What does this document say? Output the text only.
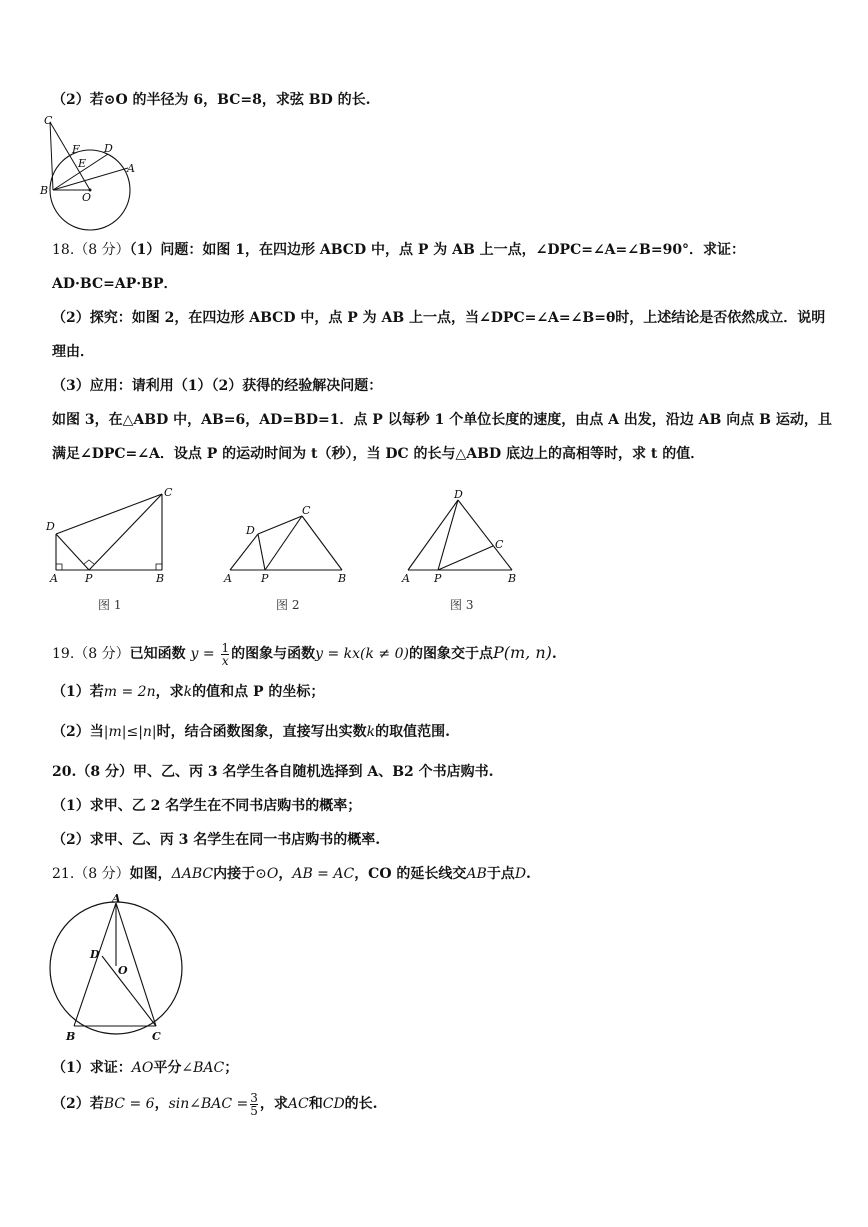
（2）若⊙O 的半径为 6，BC=8，求弦 BD 的长.
C
F D
E	A
B
O
18.（8 分）（1）问题：如图 1，在四边形 ABCD 中，点 P 为 AB 上一点，∠DPC=∠A=∠B=90°．求证：
AD·BC=AP·BP．
（2）探究：如图 2，在四边形 ABCD 中，点 P 为 AB 上一点，当∠DPC=∠A=∠B=θ时，上述结论是否依然成立．说明
理由．
（3）应用：请利用（1）（2）获得的经验解决问题：
如图 3，在△ABD 中，AB=6，AD=BD=1．点 P 以每秒 1 个单位长度的速度，由点 A 出发，沿边 AB 向点 B 运动，且
满足∠DPC=∠A．设点 P 的运动时间为 t（秒），当 DC 的长与△ABD 底边上的高相等时，求 t 的值．
D
C
A P	B
图 1
D
C
A	P	B
图 2
D
C
A P	B
图 3
19.（8 分）已知函数 $y = \frac{1}{x}$ 的图象与函数y = kx(k ≠ 0)的图象交于点P(m, n).
（1）若m = 2n，求k的值和点 P 的坐标；
（2）当|m|≤|n|时，结合函数图象，直接写出实数k的取值范围.
20.（8 分）甲、乙、丙 3 名学生各自随机选择到 A、B2 个书店购书.
（1）求甲、乙 2 名学生在不同书店购书的概率；
（2）求甲、乙、丙 3 名学生在同一书店购书的概率.
21.（8 分）如图，ΔABC内接于⊙O，AB = AC，CO 的延长线交AB于点D.
A
D
O
B	C
（1）求证：AO平分∠BAC；
（2）若BC = 6，sin∠BAC = $\frac{3}{5}$ ，求AC和CD的长.
